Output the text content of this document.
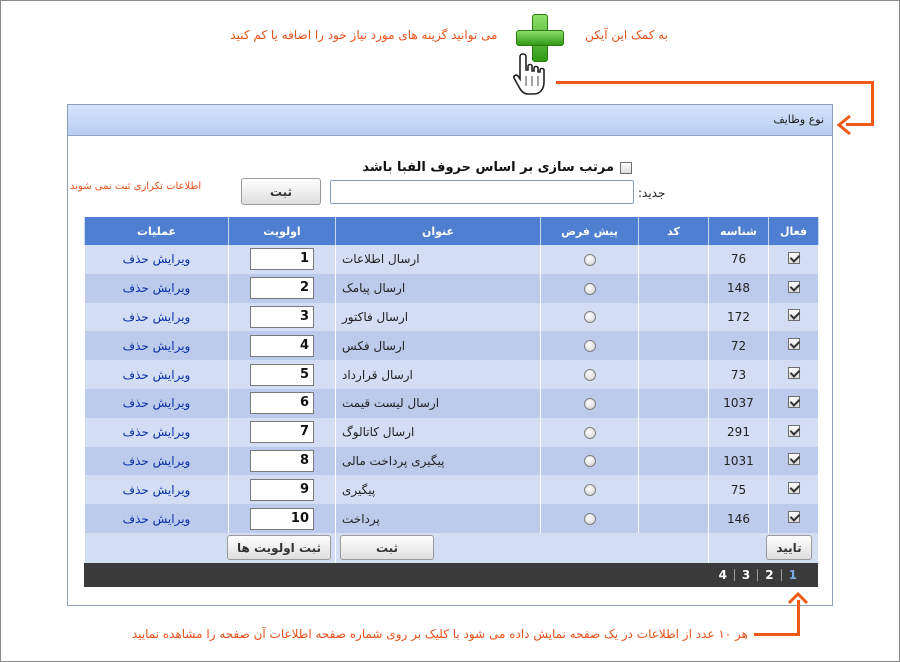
به کمک این آیکن  می توانید گزینه های مورد نیاز خود را اضافه یا کم کنید
نوع وظایف
مرتب سازی بر اساس حروف الفبا باشد
جدید:
ثبت
اطلاعات تکراری ثبت نمی شوند
فعال	شناسه	کد	پیش فرض	عنوان	اولویت	عملیات
	76			ارسال اطلاعات	1	ویرایش حذف
	148			ارسال پیامک	2	ویرایش حذف
	172			ارسال فاکتور	3	ویرایش حذف
	72			ارسال فکس	4	ویرایش حذف
	73			ارسال قرارداد	5	ویرایش حذف
	1037			ارسال لیست قیمت	6	ویرایش حذف
	291			ارسال کاتالوگ	7	ویرایش حذف
	1031			پیگیری پرداخت مالی	8	ویرایش حذف
	75			پیگیری	9	ویرایش حذف
	146			پرداخت	10	ویرایش حذف
تایید		ثبت			ثبت اولویت ها	
1
2
3
4
هر ۱۰ عدد از اطلاعات در یک صفحه نمایش داده می شود با کلیک بر روی شماره صفحه اطلاعات آن صفحه را مشاهده نمایید
